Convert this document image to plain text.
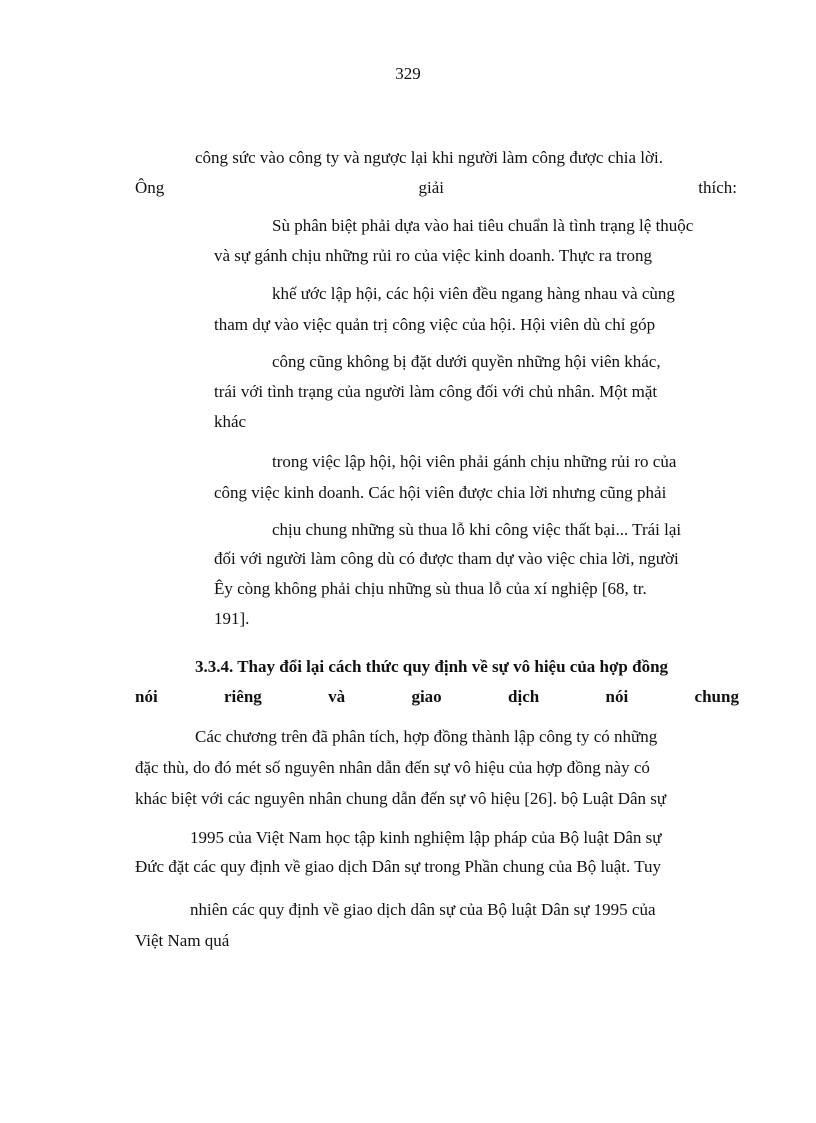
329
công sức vào công ty và ngược lại khi người làm công được chia lời.
Ông	giải	thích:
Sù phân biệt phải dựa vào hai tiêu chuẩn là tình trạng lệ thuộc
và sự gánh chịu những rủi ro của việc kinh doanh. Thực ra trong
khế ước lập hội, các hội viên đều ngang hàng nhau và cùng
tham dự vào việc quản trị công việc của hội. Hội viên dù chỉ góp
công cũng không bị đặt dưới quyền những hội viên khác,
trái với tình trạng của người làm công đối với chủ nhân. Một mặt
khác
trong việc lập hội, hội viên phải gánh chịu những rủi ro của
công việc kinh doanh. Các hội viên được chia lời nhưng cũng phải
chịu chung những sù thua lỗ khi công việc thất bại... Trái lại
đối với người làm công dù có được tham dự vào việc chia lời, người
Êy còng không phải chịu những sù thua lỗ của xí nghiệp [68, tr.
191].
3.3.4. Thay đổi lại cách thức quy định về sự vô hiệu của hợp đồng
nói	riêng	và	giao	dịch	nói	chung
Các chương trên đã phân tích, hợp đồng thành lập công ty có những
đặc thù, do đó mét số nguyên nhân dẫn đến sự vô hiệu của hợp đồng này có
khác biệt với các nguyên nhân chung dẫn đến sự vô hiệu [26]. bộ Luật Dân sự
1995 của Việt Nam học tập kinh nghiệm lập pháp của Bộ luật Dân sự
Đức đặt các quy định về giao dịch Dân sự trong Phần chung của Bộ luật. Tuy
nhiên các quy định về giao dịch dân sự của Bộ luật Dân sự 1995 của
Việt Nam quá
